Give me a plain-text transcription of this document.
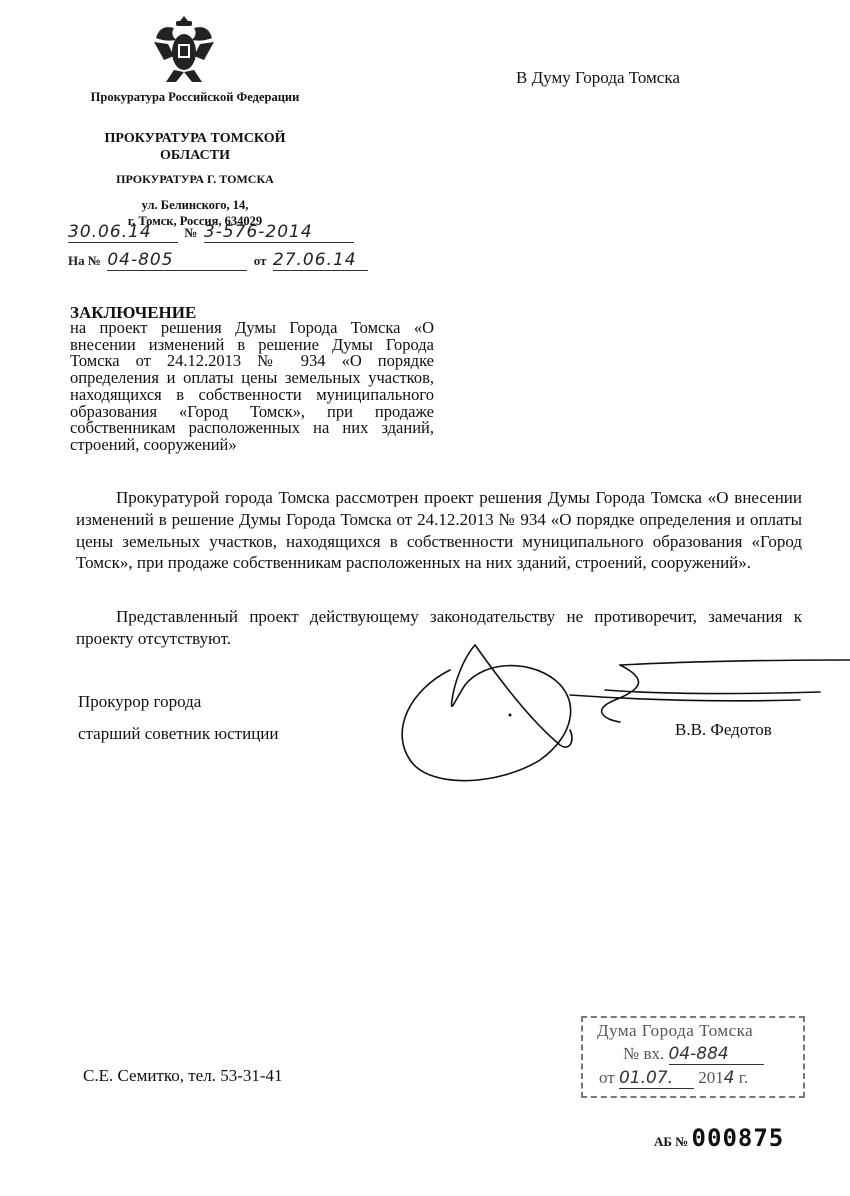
Прокуратура Российской Федерации
ПРОКУРАТУРА ТОМСКОЙ ОБЛАСТИ
ПРОКУРАТУРА Г. ТОМСКА
ул. Белинского, 14,
г. Томск, Россия, 634029
30.06.14	№ 3-576-2014
На № 04-805	от 27.06.14
В Думу Города Томска
ЗАКЛЮЧЕНИЕ
на проект решения Думы Города Томска «О внесении изменений в решение Думы Города Томска от 24.12.2013 № 934 «О порядке определения и оплаты цены земельных участков, находящихся в собственности муниципального образования «Город Томск», при продаже собственникам расположенных на них зданий, строений, сооружений»
Прокуратурой города Томска рассмотрен проект решения Думы Города Томска «О внесении изменений в решение Думы Города Томска от 24.12.2013 № 934 «О порядке определения и оплаты цены земельных участков, находящихся в собственности муниципального образования «Город Томск», при продаже собственникам расположенных на них зданий, строений, сооружений».
Представленный проект действующему законодательству не противоречит, замечания к проекту отсутствуют.
Прокурор города
старший советник юстиции	В.В. Федотов
С.Е. Семитко, тел. 53-31-41
Дума Города Томска
№ вх. 04-884
от 01.07. 2014 г.
АБ № 000875
